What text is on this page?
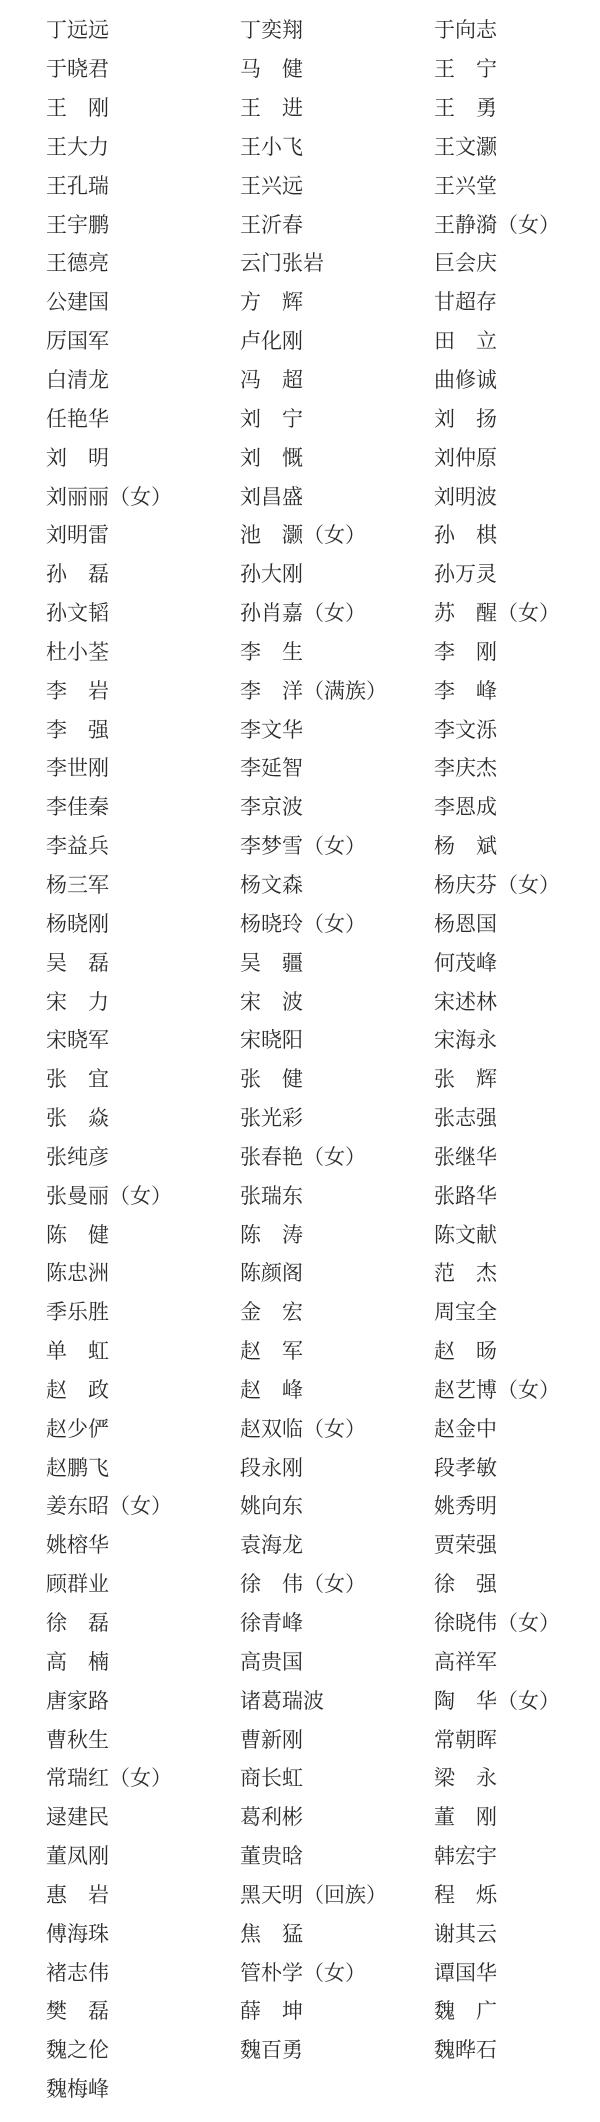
丁远远	丁奕翔	于向志
于晓君	马　健	王　宁
王　刚	王　进	王　勇
王大力	王小飞	王文灏
王孔瑞	王兴远	王兴堂
王宇鹏	王沂春	王静漪（女）
王德亮	云门张岩	巨会庆
公建国	方　辉	甘超存
厉国军	卢化刚	田　立
白清龙	冯　超	曲修诚
任艳华	刘　宁	刘　扬
刘　明	刘　慨	刘仲原
刘丽丽（女）	刘昌盛	刘明波
刘明雷	池　灏（女）	孙　棋
孙　磊	孙大刚	孙万灵
孙文韬	孙肖嘉（女）	苏　醒（女）
杜小荃	李　生	李　刚
李　岩	李　洋（满族）	李　峰
李　强	李文华	李文泺
李世刚	李延智	李庆杰
李佳秦	李京波	李恩成
李益兵	李梦雪（女）	杨　斌
杨三军	杨文森	杨庆芬（女）
杨晓刚	杨晓玲（女）	杨恩国
吴　磊	吴　疆	何茂峰
宋　力	宋　波	宋述林
宋晓军	宋晓阳	宋海永
张　宜	张　健	张　辉
张　焱	张光彩	张志强
张纯彦	张春艳（女）	张继华
张曼丽（女）	张瑞东	张路华
陈　健	陈　涛	陈文献
陈忠洲	陈颜阁	范　杰
季乐胜	金　宏	周宝全
单　虹	赵　军	赵　旸
赵　政	赵　峰	赵艺博（女）
赵少俨	赵双临（女）	赵金中
赵鹏飞	段永刚	段孝敏
姜东昭（女）	姚向东	姚秀明
姚榕华	袁海龙	贾荣强
顾群业	徐　伟（女）	徐　强
徐　磊	徐青峰	徐晓伟（女）
高　楠	高贵国	高祥军
唐家路	诸葛瑞波	陶　华（女）
曹秋生	曹新刚	常朝晖
常瑞红（女）	商长虹	梁　永
逯建民	葛利彬	董　刚
董凤刚	董贵晗	韩宏宇
惠　岩	黑天明（回族）	程　烁
傅海珠	焦　猛	谢其云
褚志伟	管朴学（女）	谭国华
樊　磊	薛　坤	魏　广
魏之伦	魏百勇	魏晔石
魏梅峰
